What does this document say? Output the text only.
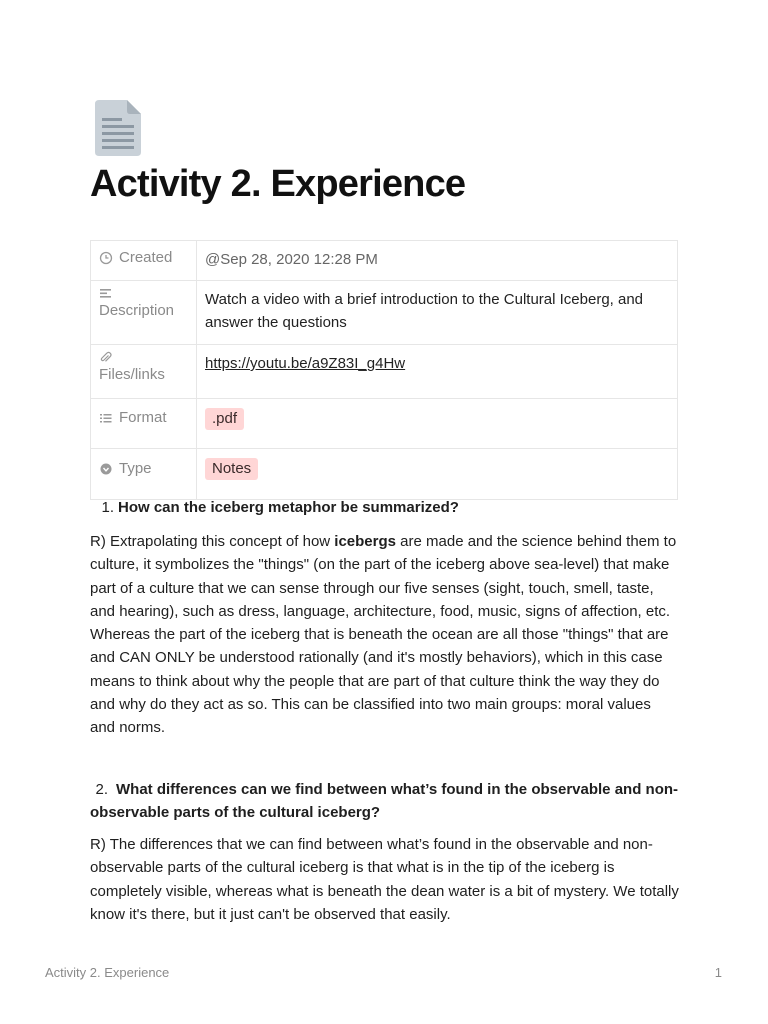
Activity 2. Experience
Created	@Sep 28, 2020 12:28 PM

Description	Watch a video with a brief introduction to the Cultural Iceberg, and answer the questions

Files/links	https://youtu.be/a9Z83I_g4Hw

Format	.pdf

Type	Notes

1. How can the iceberg metaphor be summarized?

R) Extrapolating this concept of how icebergs are made and the science behind them to culture, it symbolizes the "things" (on the part of the iceberg above sea-level) that make part of a culture that we can sense through our five senses (sight, touch, smell, taste, and hearing), such as dress, language, architecture, food, music, signs of affection, etc. Whereas the part of the iceberg that is beneath the ocean are all those "things" that are and CAN ONLY be understood rationally (and it's mostly behaviors), which in this case means to think about why the people that are part of that culture think the way they do and why do they act as so. This can be classified into two main groups: moral values and norms.

2. What differences can we find between what’s found in the observable and non-observable parts of the cultural iceberg?

R) The differences that we can find between what’s found in the observable and non-observable parts of the cultural iceberg is that what is in the tip of the iceberg is completely visible, whereas what is beneath the dean water is a bit of mystery. We totally know it's there, but it just can't be observed that easily.

Activity 2. Experience	1
